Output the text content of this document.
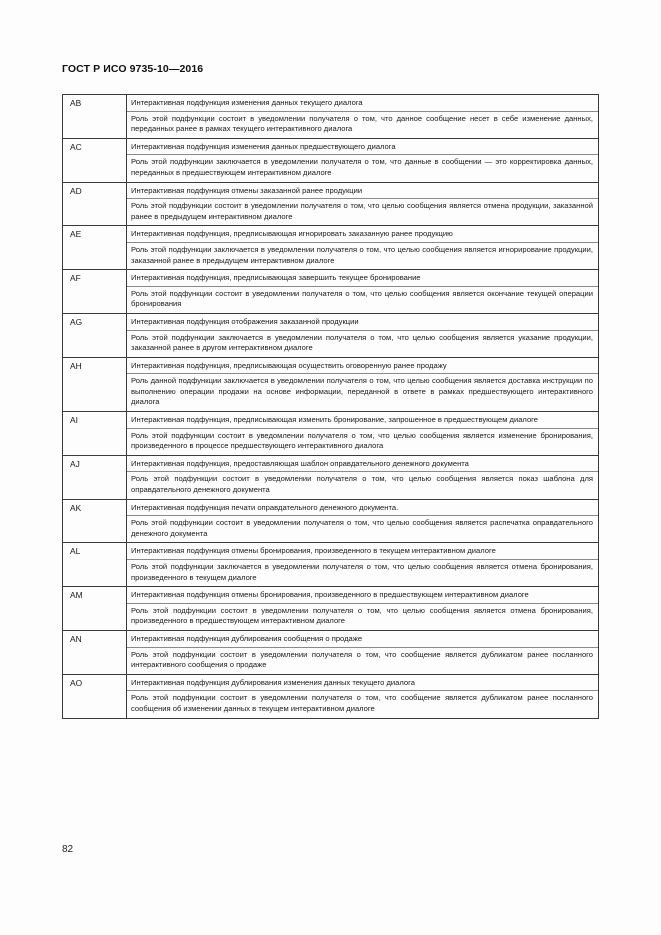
ГОСТ Р ИСО 9735-10—2016
AB	Интерактивная подфункция изменения данных текущего диалога
Роль этой подфункции состоит в уведомлении получателя о том, что данное сообщение несет в себе изменение данных, переданных ранее в рамках текущего интерактивного диалога

AC	Интерактивная подфункция изменения данных предшествующего диалога
Роль этой подфункции заключается в уведомлении получателя о том, что данные в сообщении — это корректировка данных, переданных в предшествующем интерактивном диалоге

AD	Интерактивная подфункция отмены заказанной ранее продукции
Роль этой подфункции состоит в уведомлении получателя о том, что целью сообщения является отмена продукции, заказанной ранее в предыдущем интерактивном диалоге

AE	Интерактивная подфункция, предписывающая игнорировать заказанную ранее продукцию
Роль этой подфункции заключается в уведомлении получателя о том, что целью сообщения является игнорирование продукции, заказанной ранее в предыдущем интерактивном диалоге

AF	Интерактивная подфункция, предписывающая завершить текущее бронирование
Роль этой подфункции состоит в уведомлении получателя о том, что целью сообщения является окончание текущей операции бронирования

AG	Интерактивная подфункция отображения заказанной продукции
Роль этой подфункции заключается в уведомлении получателя о том, что целью сообщения является указание продукции, заказанной ранее в другом интерактивном диалоге

AH	Интерактивная подфункция, предписывающая осуществить оговоренную ранее продажу
Роль данной подфункции заключается в уведомлении получателя о том, что целью сообщения является доставка инструкции по выполнению операции продажи на основе информации, переданной в ответе в рамках предшествующего интерактивного диалога

AI	Интерактивная подфункция, предписывающая изменить бронирование, запрошенное в предшествующем диалоге
Роль этой подфункции состоит в уведомлении получателя о том, что целью сообщения является изменение бронирования, произведенного в процессе предшествующего интерактивного диалога

AJ	Интерактивная подфункция, предоставляющая шаблон оправдательного денежного документа
Роль этой подфункции состоит в уведомлении получателя о том, что целью сообщения является показ шаблона для оправдательного денежного документа

AK	Интерактивная подфункция печати оправдательного денежного документа.
Роль этой подфункции состоит в уведомлении получателя о том, что целью сообщения является распечатка оправдательного денежного документа

AL	Интерактивная подфункция отмены бронирования, произведенного в текущем интерактивном диалоге
Роль этой подфункции заключается в уведомлении получателя о том, что целью сообщения является отмена бронирования, произведенного в текущем диалоге

AM	Интерактивная подфункция отмены бронирования, произведенного в предшествующем интерактивном диалоге
Роль этой подфункции состоит в уведомлении получателя о том, что целью сообщения является отмена бронирования, произведенного в предшествующем интерактивном диалоге

AN	Интерактивная подфункция дублирования сообщения о продаже
Роль этой подфункции состоит в уведомлении получателя о том, что сообщение является дубликатом ранее посланного интерактивного сообщения о продаже

AO	Интерактивная подфункция дублирования изменения данных текущего диалога
Роль этой подфункции состоит в уведомлении получателя о том, что сообщение является дубликатом ранее посланного сообщения об изменении данных в текущем интерактивном диалоге
82
